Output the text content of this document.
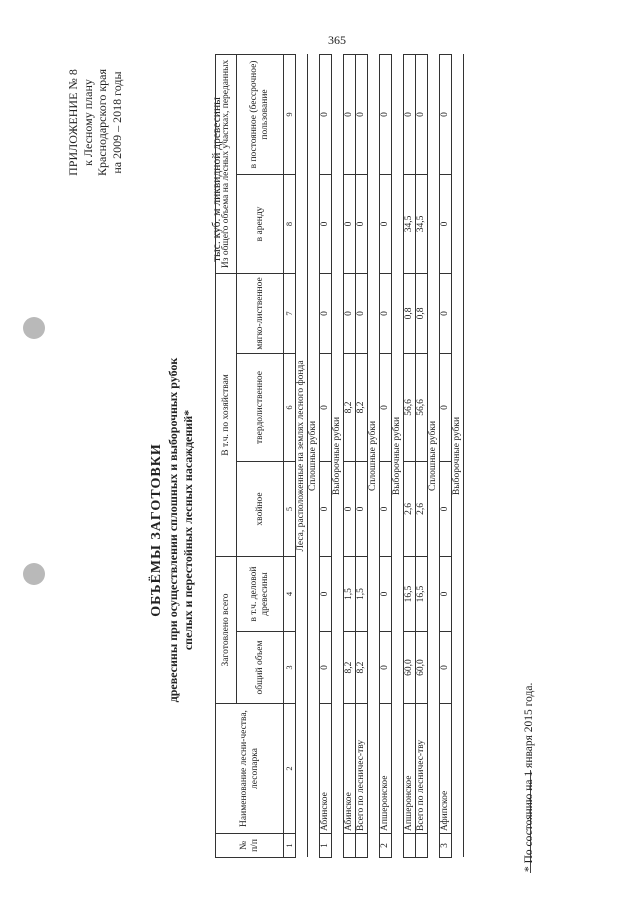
365
ПРИЛОЖЕНИЕ № 8 к Лесному плану Краснодарского края на 2009 – 2018 годы
ОБЪЁМЫ ЗАГОТОВКИ древесины при осуществлении сплошных и выборочных рубок спелых и перестойных лесных насаждений*
тыс. куб. м ликвидной древесины
№ п/п	Наименование лесни-чества, лесопарка	Заготовлено всего		В т.ч. по хозяйствам			Из общего объема на лесных участках, переданных	
		общий объем	в т.ч. деловой древесины	хвойное	твердолиственное	мягко-лиственное	в аренду	в постоянное (бессрочное) пользование
1	2	3	4	5	6	7	8	9
Леса, расположенные на землях лесного фонда								
Сплошные рубки								
1	Абинское	0	0	0	0	0	0	0
Выборочные рубки								
	Абинское	8,2	1,5	0	8,2	0	0	0
	Всего по лесничес-тву	8,2	1,5	0	8,2	0	0	0
Сплошные рубки								
2	Апшеронское	0	0	0	0	0	0	0
Выборочные рубки								
	Апшеронское	60,0	16,5	2,6	56,6	0,8	34,5	0
	Всего по лесничес-тву	60,0	16,5	2,6	56,6	0,8	34,5	0
Сплошные рубки								
3	Афипское	0	0	0	0	0	0	0
Выборочные рубки								
* По состоянию на 1 января 2015 года.
